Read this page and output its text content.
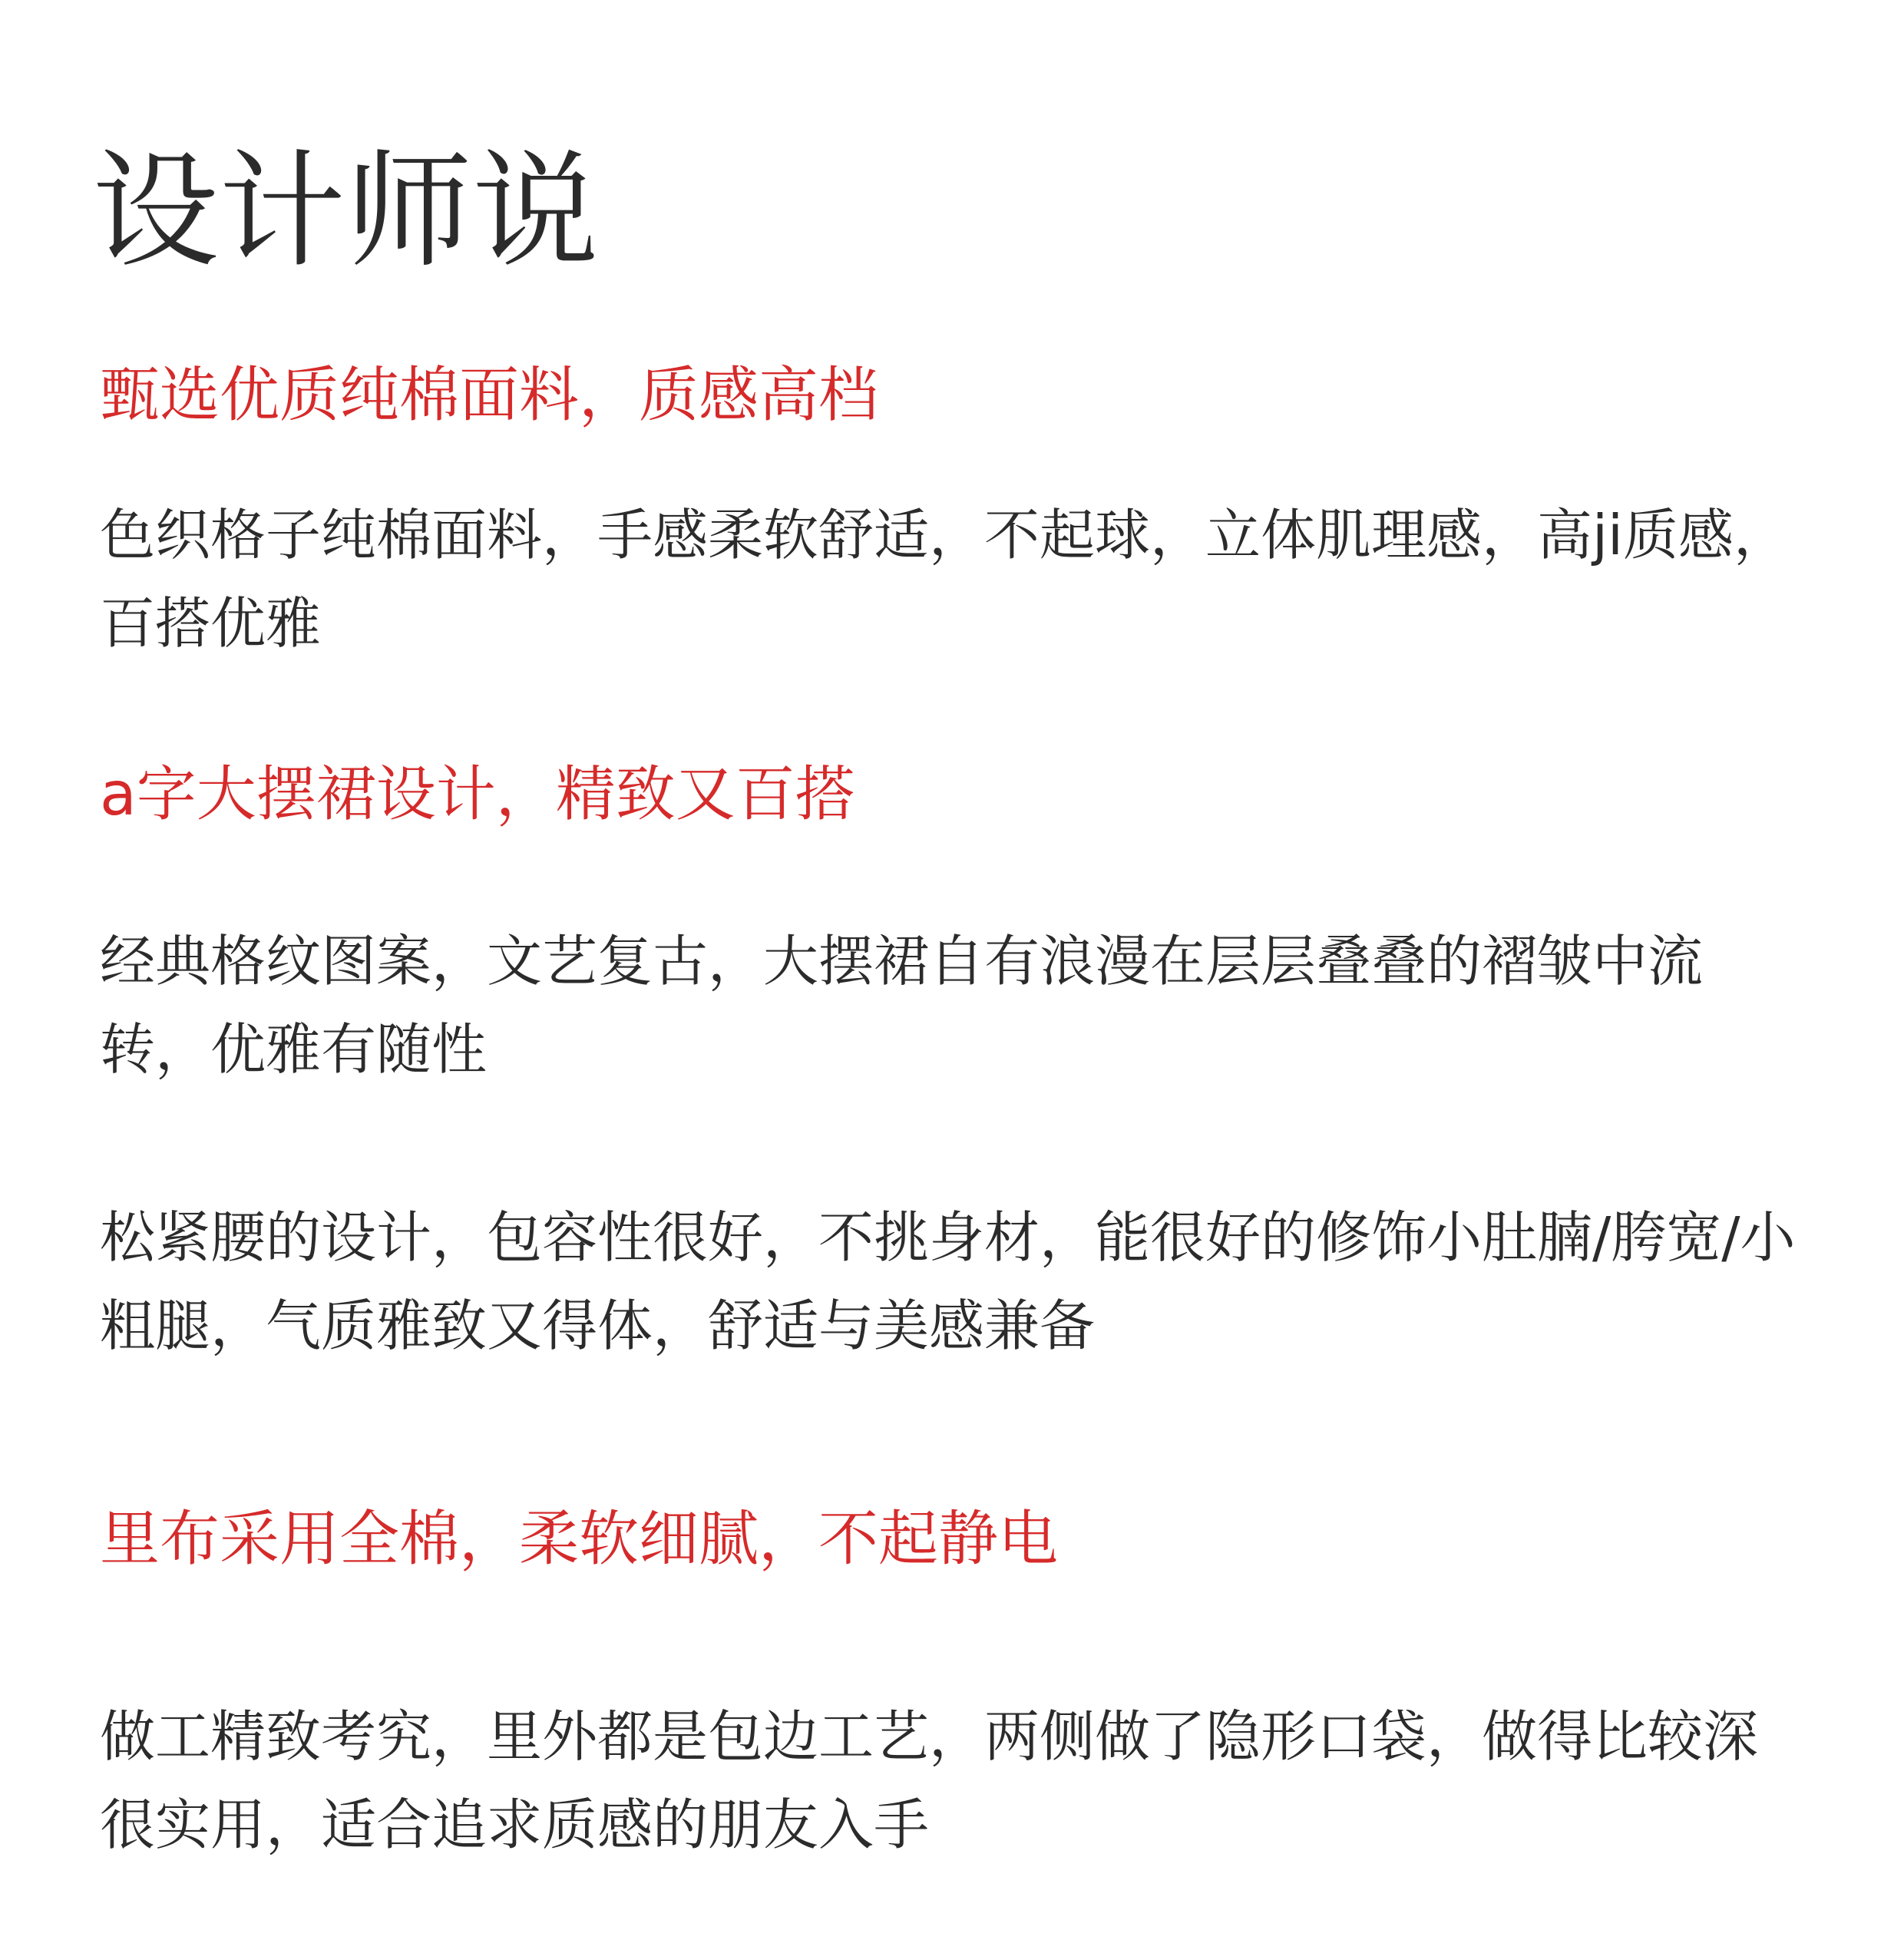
设计师说
甄选优质纯棉面料，质感高档

色织格子纯棉面料，手感柔软舒适，不起球，立体肌理感，高ji质感，百搭优雅

a字大摆裙设计，精致又百搭

经典格纹图案，文艺复古，大摆裙自有浪漫在层层叠叠的褶皱中流转，优雅有随性

松紧腰的设计，包容性很好，不挑身材，能很好的修饰小肚腩/胯宽/小粗腿，气质雅致又得体，舒适与美感兼备

里布采用全棉，柔软细腻，不起静电

做工精致考究，里外都是包边工艺，两侧做了隐形口袋，做得比较深很实用，适合追求质感的朋友入手
